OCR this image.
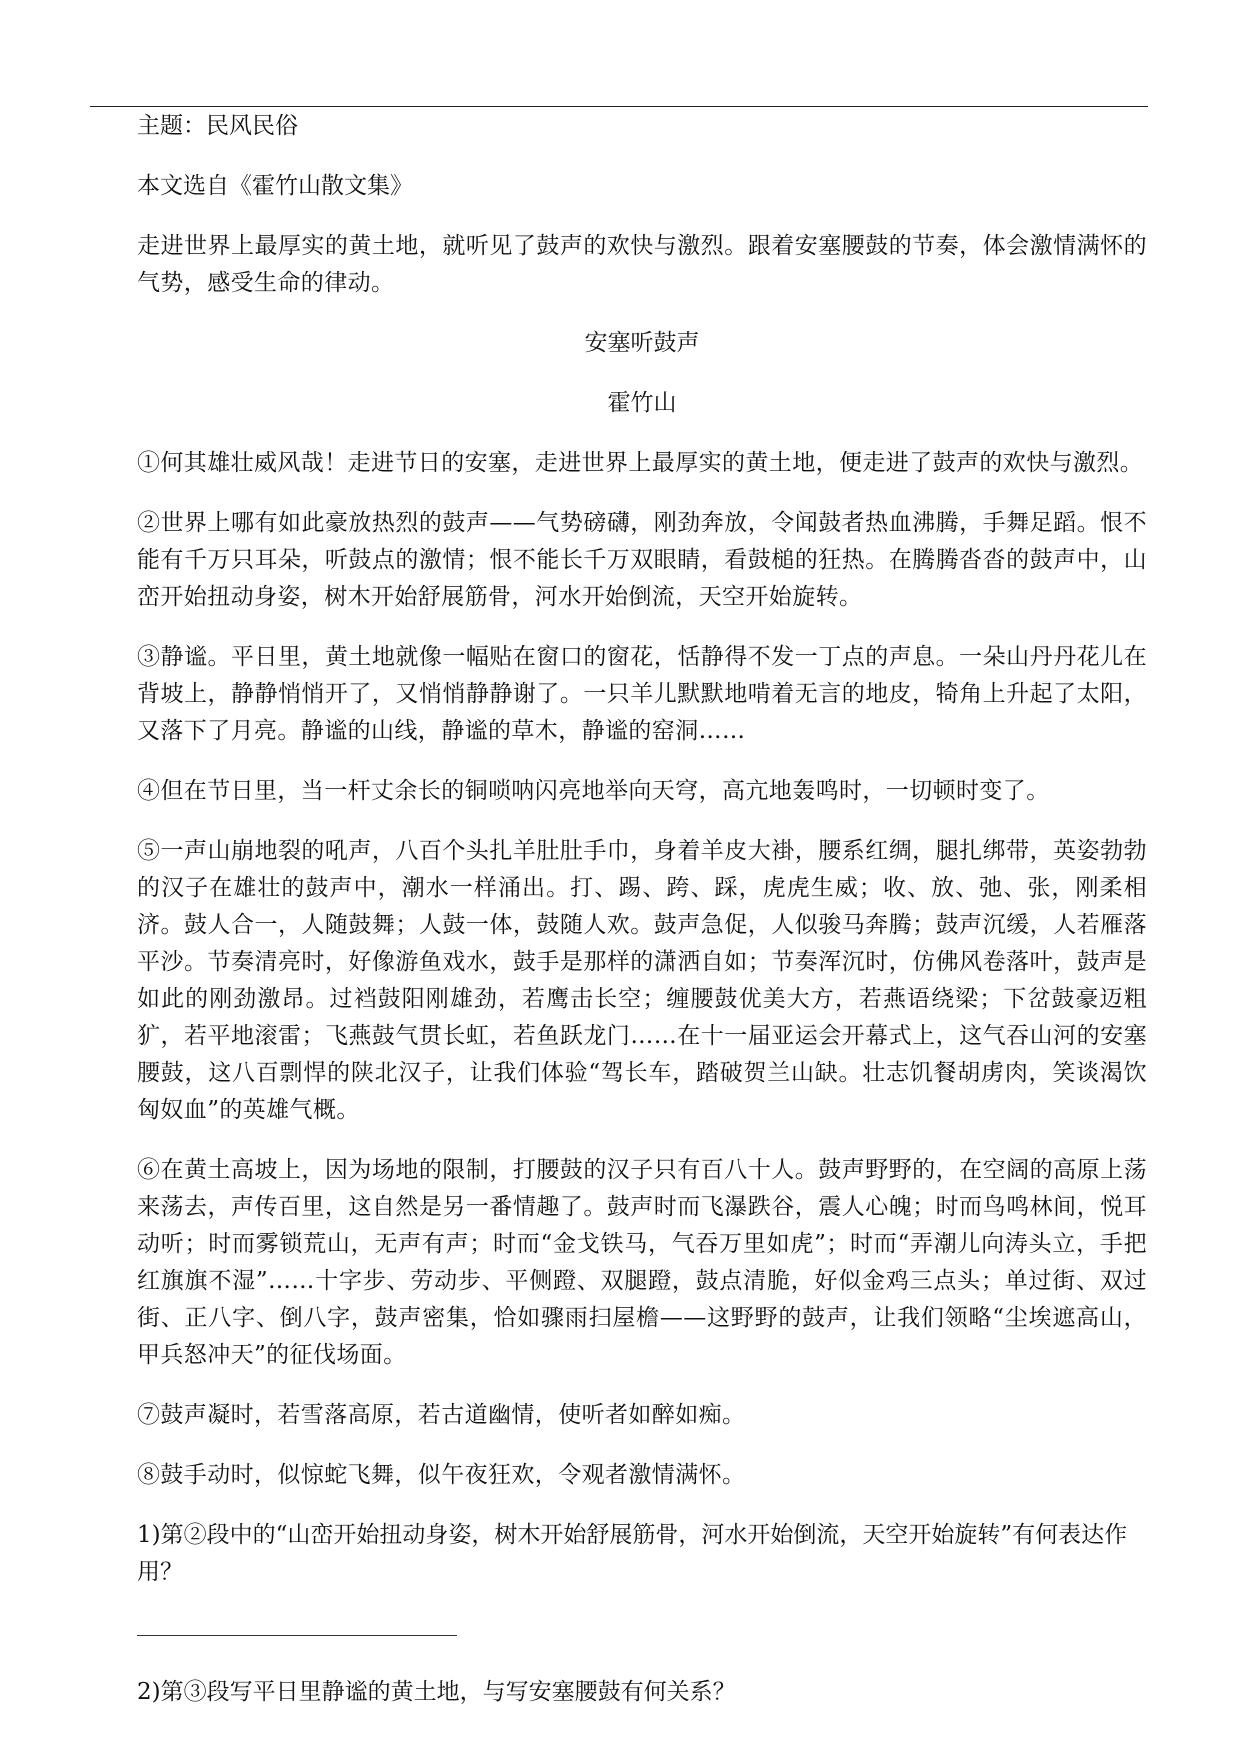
主题：民风民俗

本文选自《霍竹山散文集》

走进世界上最厚实的黄土地，就听见了鼓声的欢快与激烈。跟着安塞腰鼓的节奏，体会激情满怀的气势，感受生命的律动。

安塞听鼓声

霍竹山

①何其雄壮威风哉！走进节日的安塞，走进世界上最厚实的黄土地，便走进了鼓声的欢快与激烈。

②世界上哪有如此豪放热烈的鼓声——气势磅礴，刚劲奔放，令闻鼓者热血沸腾，手舞足蹈。恨不能有千万只耳朵，听鼓点的激情；恨不能长千万双眼睛，看鼓槌的狂热。在腾腾沓沓的鼓声中，山峦开始扭动身姿，树木开始舒展筋骨，河水开始倒流，天空开始旋转。

③静谧。平日里，黄土地就像一幅贴在窗口的窗花，恬静得不发一丁点的声息。一朵山丹丹花儿在背坡上，静静悄悄开了，又悄悄静静谢了。一只羊儿默默地啃着无言的地皮，犄角上升起了太阳，又落下了月亮。静谧的山线，静谧的草木，静谧的窑洞……

④但在节日里，当一杆丈余长的铜唢呐闪亮地举向天穹，高亢地轰鸣时，一切顿时变了。

⑤一声山崩地裂的吼声，八百个头扎羊肚肚手巾，身着羊皮大褂，腰系红绸，腿扎绑带，英姿勃勃的汉子在雄壮的鼓声中，潮水一样涌出。打、踢、跨、踩，虎虎生威；收、放、弛、张，刚柔相济。鼓人合一，人随鼓舞；人鼓一体，鼓随人欢。鼓声急促，人似骏马奔腾；鼓声沉缓，人若雁落平沙。节奏清亮时，好像游鱼戏水，鼓手是那样的潇洒自如；节奏浑沉时，仿佛风卷落叶，鼓声是如此的刚劲激昂。过裆鼓阳刚雄劲，若鹰击长空；缠腰鼓优美大方，若燕语绕梁；下岔鼓豪迈粗犷，若平地滚雷；飞燕鼓气贯长虹，若鱼跃龙门……在十一届亚运会开幕式上，这气吞山河的安塞腰鼓，这八百剽悍的陕北汉子，让我们体验“驾长车，踏破贺兰山缺。壮志饥餐胡虏肉，笑谈渴饮匈奴血”的英雄气概。

⑥在黄土高坡上，因为场地的限制，打腰鼓的汉子只有百八十人。鼓声野野的，在空阔的高原上荡来荡去，声传百里，这自然是另一番情趣了。鼓声时而飞瀑跌谷，震人心魄；时而鸟鸣林间，悦耳动听；时而雾锁荒山，无声有声；时而“金戈铁马，气吞万里如虎”；时而“弄潮儿向涛头立，手把红旗旗不湿”……十字步、劳动步、平侧蹬、双腿蹬，鼓点清脆，好似金鸡三点头；单过街、双过街、正八字、倒八字，鼓声密集，恰如骤雨扫屋檐——这野野的鼓声，让我们领略“尘埃遮高山，甲兵怒冲天”的征伐场面。

⑦鼓声凝时，若雪落高原，若古道幽情，使听者如醉如痴。

⑧鼓手动时，似惊蛇飞舞，似午夜狂欢，令观者激情满怀。

1)第②段中的“山峦开始扭动身姿，树木开始舒展筋骨，河水开始倒流，天空开始旋转”有何表达作用？

2)第③段写平日里静谧的黄土地，与写安塞腰鼓有何关系？
